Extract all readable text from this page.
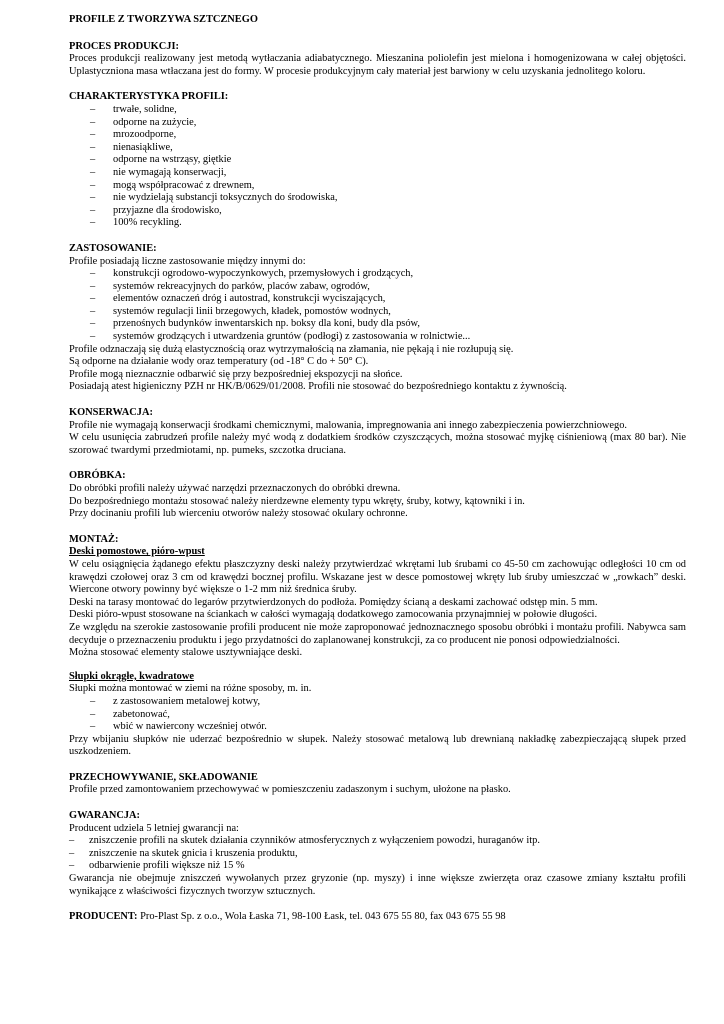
PROFILE Z TWORZYWA SZTCZNEGO
PROCES PRODUKCJI:
Proces produkcji realizowany jest metodą wytłaczania adiabatycznego. Mieszanina poliolefin jest mielona i homogenizowana w całej objętości. Uplastyczniona masa wtłaczana jest do formy. W procesie produkcyjnym cały materiał jest barwiony w celu uzyskania jednolitego koloru.
CHARAKTERYSTYKA PROFILI:
– trwałe, solidne,
– odporne na zużycie,
– mrozoodporne,
– nienasiąkliwe,
– odporne na wstrząsy, giętkie
– nie wymagają konserwacji,
– mogą współpracować z drewnem,
– nie wydzielają substancji toksycznych do środowiska,
– przyjazne dla środowisko,
– 100% recykling.
ZASTOSOWANIE:
Profile posiadają liczne zastosowanie między innymi do:
– konstrukcji ogrodowo-wypoczynkowych, przemysłowych i grodzących,
– systemów rekreacyjnych do parków, placów zabaw, ogrodów,
– elementów oznaczeń dróg i autostrad, konstrukcji wyciszających,
– systemów regulacji linii brzegowych, kładek, pomostów wodnych,
– przenośnych budynków inwentarskich np. boksy dla koni, budy dla psów,
– systemów grodzących i utwardzenia gruntów (podłogi) z zastosowania w rolnictwie...
Profile odznaczają się dużą elastycznością oraz wytrzymałością na złamania, nie pękają i nie rozłupują się.
Są odporne na działanie wody oraz temperatury (od -18° C do + 50° C).
Profile mogą nieznacznie odbarwić się przy bezpośredniej ekspozycji na słońce.
Posiadają atest higieniczny PZH nr HK/B/0629/01/2008. Profili nie stosować do bezpośredniego kontaktu z żywnością.
KONSERWACJA:
Profile nie wymagają konserwacji środkami chemicznymi, malowania, impregnowania ani innego zabezpieczenia powierzchniowego.
W celu usunięcia zabrudzeń profile należy myć wodą z dodatkiem środków czyszczących, można stosować myjkę ciśnieniową (max 80 bar). Nie szorować twardymi przedmiotami, np. pumeks, szczotka druciana.
OBRÓBKA:
Do obróbki profili należy używać narzędzi przeznaczonych do obróbki drewna.
Do bezpośredniego montażu stosować należy nierdzewne elementy typu wkręty, śruby, kotwy, kątowniki i in.
Przy docinaniu profili lub wierceniu otworów należy stosować okulary ochronne.
MONTAŻ:
Deski pomostowe, pióro-wpust
W celu osiągnięcia żądanego efektu płaszczyzny deski należy przytwierdzać wkrętami lub śrubami co 45-50 cm zachowując odległości 10 cm od krawędzi czołowej oraz 3 cm od krawędzi bocznej profilu. Wskazane jest w desce pomostowej wkręty lub śruby umieszczać w „rowkach” deski. Wiercone otwory powinny być większe o 1-2 mm niż średnica śruby.
Deski na tarasy montować do legarów przytwierdzonych do podłoża. Pomiędzy ścianą a deskami zachować odstęp min. 5 mm.
Deski pióro-wpust stosowane na ściankach w całości wymagają dodatkowego zamocowania przynajmniej w połowie długości.
Ze względu na szerokie zastosowanie profili producent nie może zaproponować jednoznacznego sposobu obróbki i montażu profili. Nabywca sam decyduje o przeznaczeniu produktu i jego przydatności do zaplanowanej konstrukcji, za co producent nie ponosi odpowiedzialności.
Można stosować elementy stalowe usztywniające deski.
Słupki okrągłe, kwadratowe
Słupki można montować w ziemi na różne sposoby, m. in.
– z zastosowaniem metalowej kotwy,
– zabetonować,
– wbić w nawiercony wcześniej otwór.
Przy wbijaniu słupków nie uderzać bezpośrednio w słupek. Należy stosować metalową lub drewnianą nakładkę zabezpieczającą słupek przed uszkodzeniem.
PRZECHOWYWANIE, SKŁADOWANIE
Profile przed zamontowaniem przechowywać w pomieszczeniu zadaszonym i suchym, ułożone na płasko.
GWARANCJA:
Producent udziela 5 letniej gwarancji na:
– zniszczenie profili na skutek działania czynników atmosferycznych z wyłączeniem powodzi, huraganów itp.
– zniszczenie na skutek gnicia i kruszenia produktu,
– odbarwienie profili większe niż 15 %
Gwarancja nie obejmuje zniszczeń wywołanych przez gryzonie (np. myszy) i inne większe zwierzęta oraz czasowe zmiany kształtu profili wynikające z właściwości fizycznych tworzyw sztucznych.
PRODUCENT: Pro-Plast Sp. z o.o., Wola Łaska 71, 98-100 Łask, tel. 043 675 55 80, fax 043 675 55 98
